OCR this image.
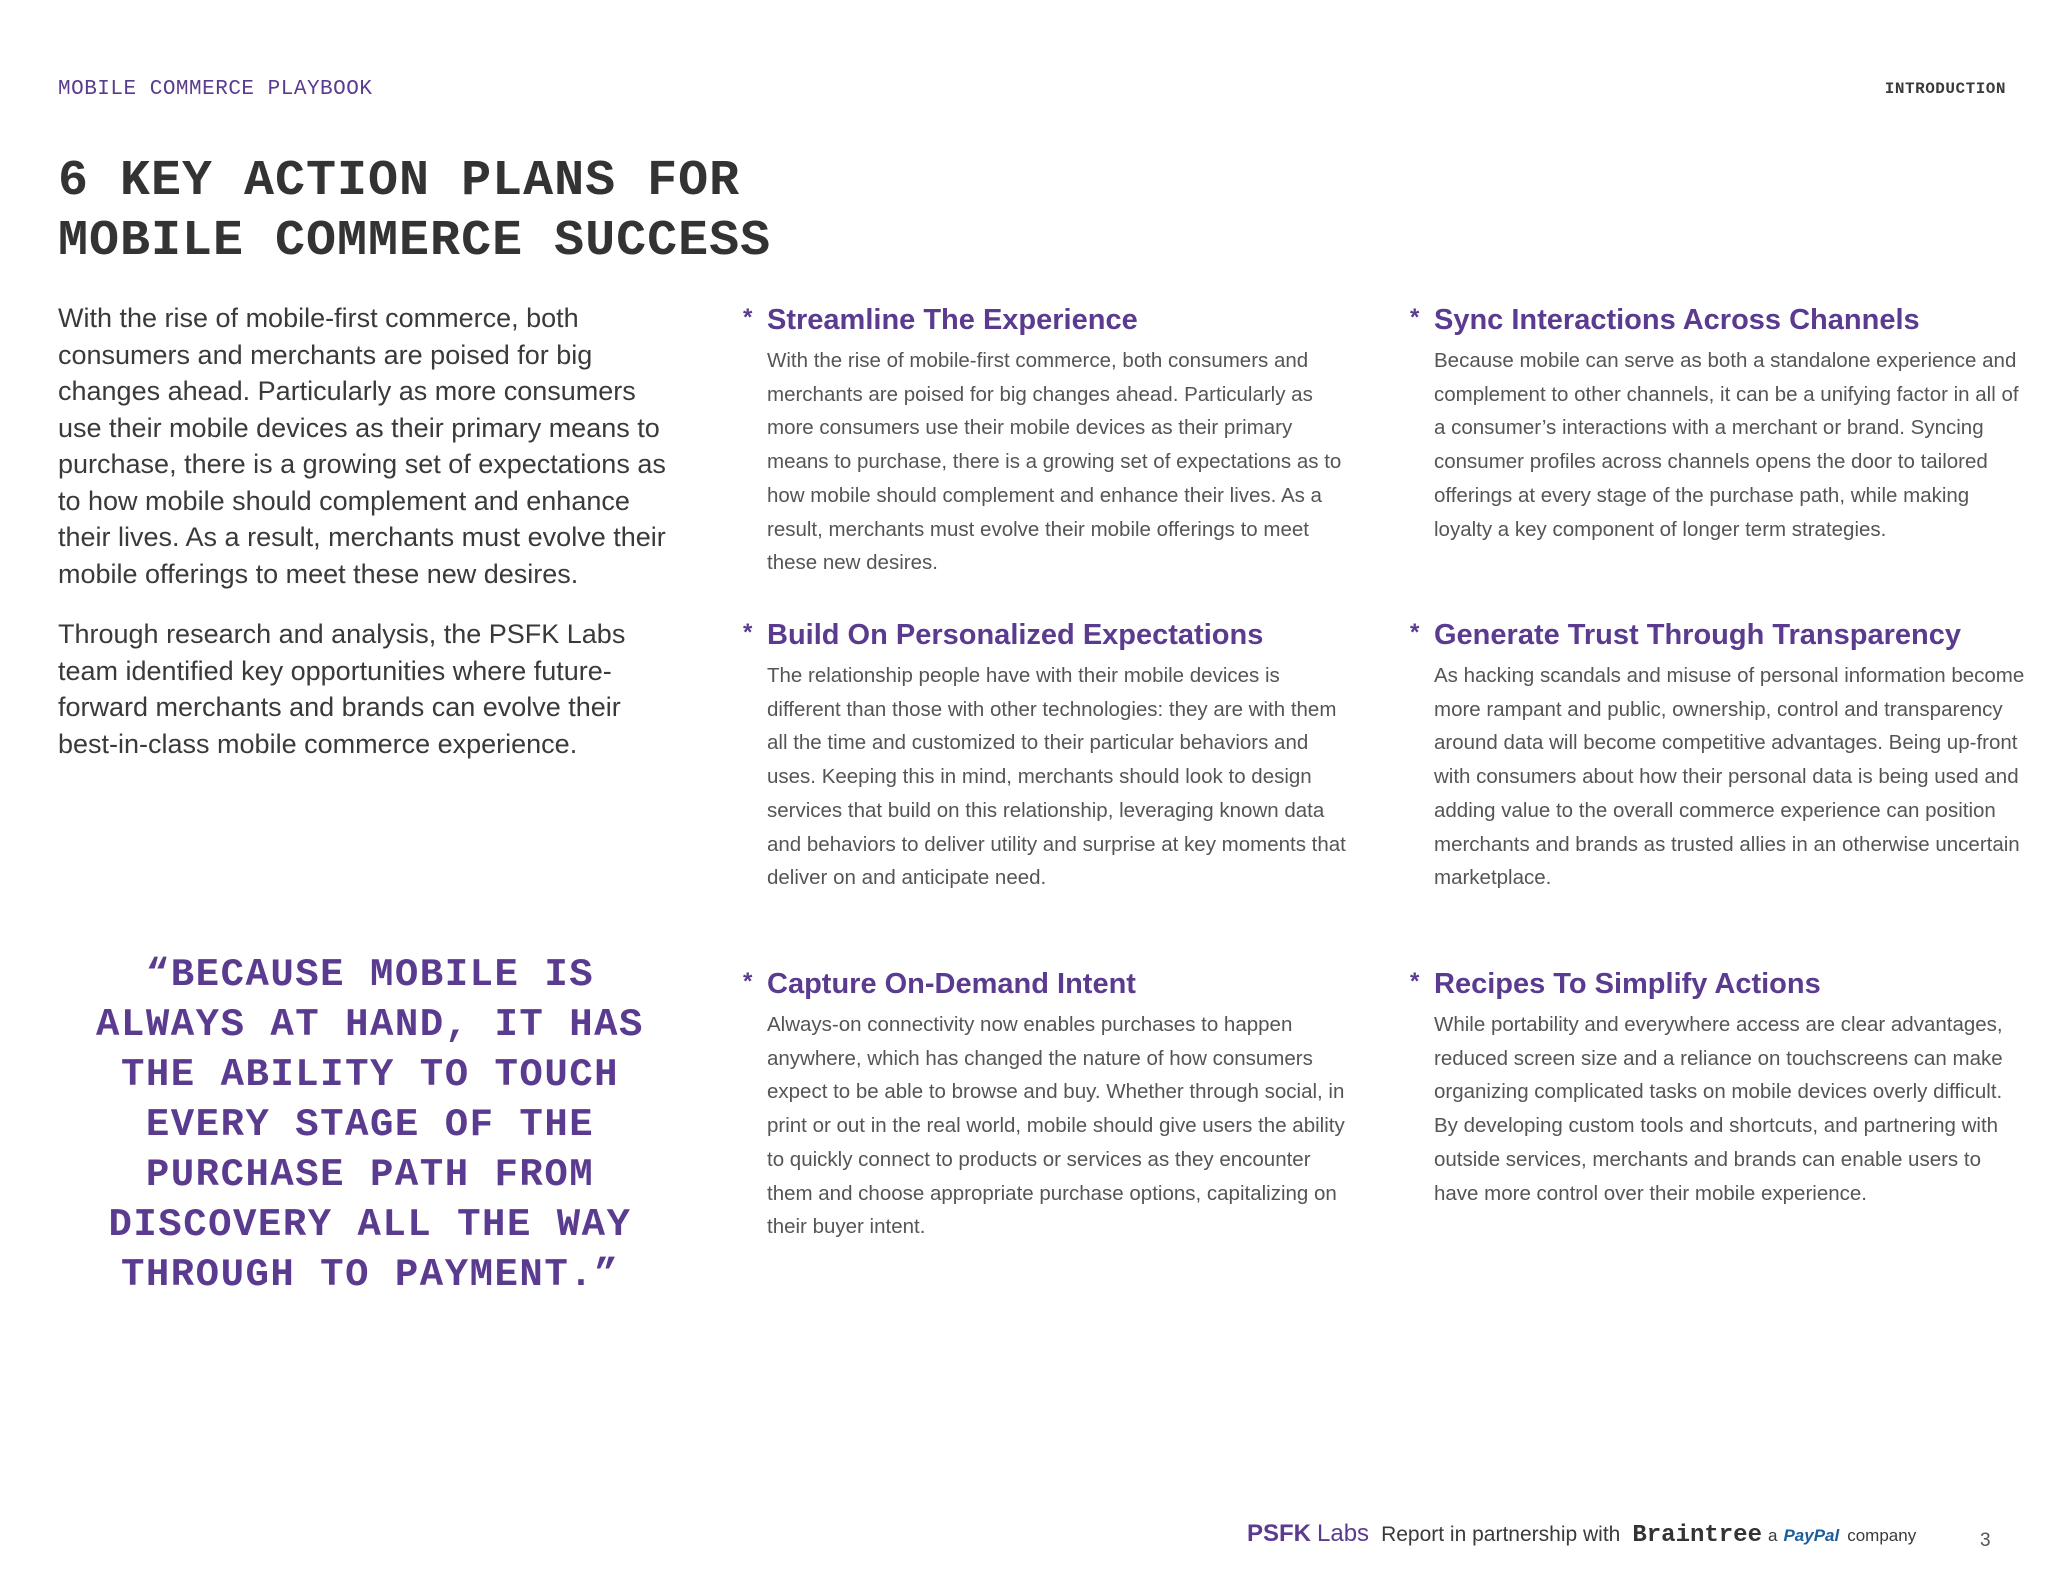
MOBILE COMMERCE PLAYBOOK	INTRODUCTION
6 KEY ACTION PLANS FOR
MOBILE COMMERCE SUCCESS

With the rise of mobile-first commerce, both consumers and merchants are poised for big changes ahead. Particularly as more consumers use their mobile devices as their primary means to purchase, there is a growing set of expectations as to how mobile should complement and enhance their lives. As a result, merchants must evolve their mobile offerings to meet these new desires.

Through research and analysis, the PSFK Labs team identified key opportunities where future-forward merchants and brands can evolve their best-in-class mobile commerce experience.

“BECAUSE MOBILE IS ALWAYS AT HAND, IT HAS THE ABILITY TO TOUCH EVERY STAGE OF THE PURCHASE PATH FROM DISCOVERY ALL THE WAY THROUGH TO PAYMENT.”
* Streamline The Experience

With the rise of mobile-first commerce, both consumers and merchants are poised for big changes ahead. Particularly as more consumers use their mobile devices as their primary means to purchase, there is a growing set of expectations as to how mobile should complement and enhance their lives. As a result, merchants must evolve their mobile offerings to meet these new desires.

* Sync Interactions Across Channels

Because mobile can serve as both a standalone experience and complement to other channels, it can be a unifying factor in all of a consumer’s interactions with a merchant or brand. Syncing consumer profiles across channels opens the door to tailored offerings at every stage of the purchase path, while making loyalty a key component of longer term strategies.

* Build On Personalized Expectations

The relationship people have with their mobile devices is different than those with other technologies: they are with them all the time and customized to their particular behaviors and uses. Keeping this in mind, merchants should look to design services that build on this relationship, leveraging known data and behaviors to deliver utility and surprise at key moments that deliver on and anticipate need.

* Generate Trust Through Transparency

As hacking scandals and misuse of personal information become more rampant and public, ownership, control and transparency around data will become competitive advantages. Being up-front with consumers about how their personal data is being used and adding value to the overall commerce experience can position merchants and brands as trusted allies in an otherwise uncertain marketplace.

* Capture On-Demand Intent

Always-on connectivity now enables purchases to happen anywhere, which has changed the nature of how consumers expect to be able to browse and buy. Whether through social, in print or out in the real world, mobile should give users the ability to quickly connect to products or services as they encounter them and choose appropriate purchase options, capitalizing on their buyer intent.

* Recipes To Simplify Actions

While portability and everywhere access are clear advantages, reduced screen size and a reliance on touchscreens can make organizing complicated tasks on mobile devices overly difficult. By developing custom tools and shortcuts, and partnering with outside services, merchants and brands can enable users to have more control over their mobile experience.

PSFK Labs Report in partnership with Braintree a PayPal company	3
